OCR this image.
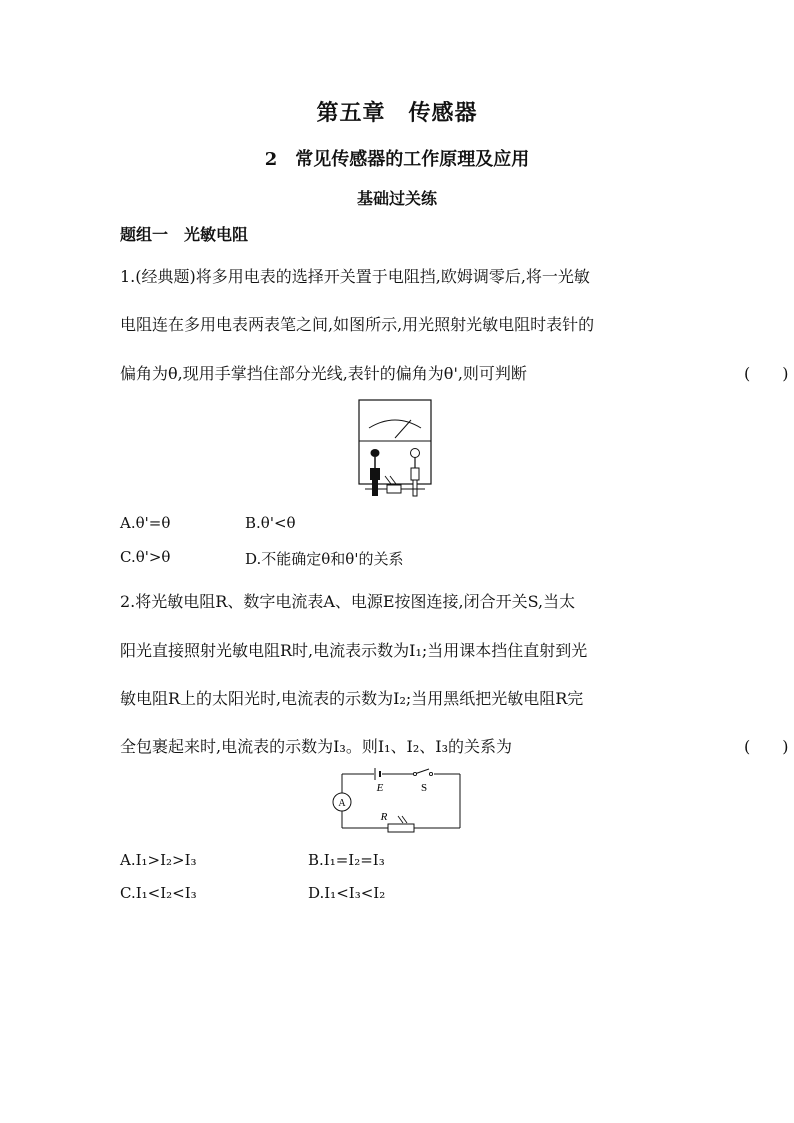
第五章　传感器
2　常见传感器的工作原理及应用
基础过关练
题组一　光敏电阻
1.(经典题)将多用电表的选择开关置于电阻挡,欧姆调零后,将一光敏
电阻连在多用电表两表笔之间,如图所示,用光照射光敏电阻时表针的
偏角为θ,现用手掌挡住部分光线,表针的偏角为θ',则可判断	(　　)
A.θ'=θ	B.θ'<θ
C.θ'>θ	D.不能确定θ和θ'的关系
2.将光敏电阻R、数字电流表A、电源E按图连接,闭合开关S,当太
阳光直接照射光敏电阻R时,电流表示数为I₁;当用课本挡住直射到光
敏电阻R上的太阳光时,电流表的示数为I₂;当用黑纸把光敏电阻R完
全包裹起来时,电流表的示数为I₃。则I₁、I₂、I₃的关系为	(　　)
A
E	S
R
A.I₁>I₂>I₃	B.I₁=I₂=I₃
C.I₁<I₂<I₃	D.I₁<I₃<I₂
